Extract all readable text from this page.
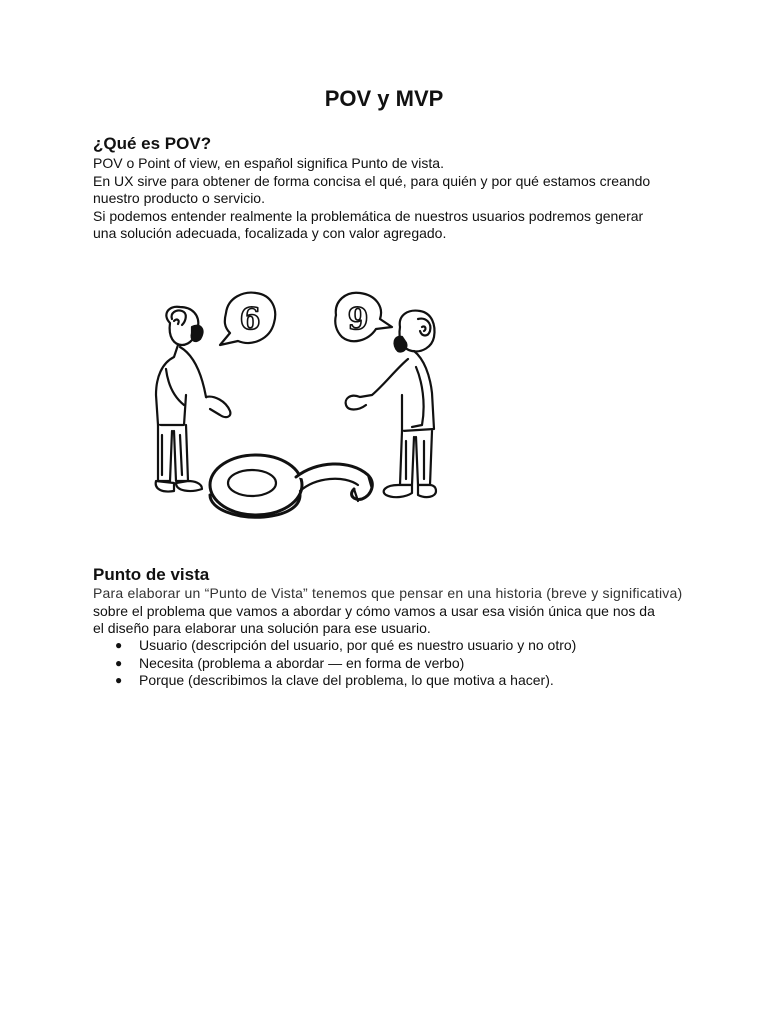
POV y MVP
¿Qué es POV?

POV o Point of view, en español significa Punto de vista.
En UX sirve para obtener de forma concisa el qué, para quién y por qué estamos creando
nuestro producto o servicio.
Si podemos entender realmente la problemática de nuestros usuarios podremos generar
una solución adecuada, focalizada y con valor agregado.

6	9
Punto de vista

Para elaborar un “Punto de Vista” tenemos que pensar en una historia (breve y significativa)
sobre el problema que vamos a abordar y cómo vamos a usar esa visión única que nos da
el diseño para elaborar una solución para ese usuario.

● Usuario (descripción del usuario, por qué es nuestro usuario y no otro)
● Necesita (problema a abordar — en forma de verbo)
● Porque (describimos la clave del problema, lo que motiva a hacer).
